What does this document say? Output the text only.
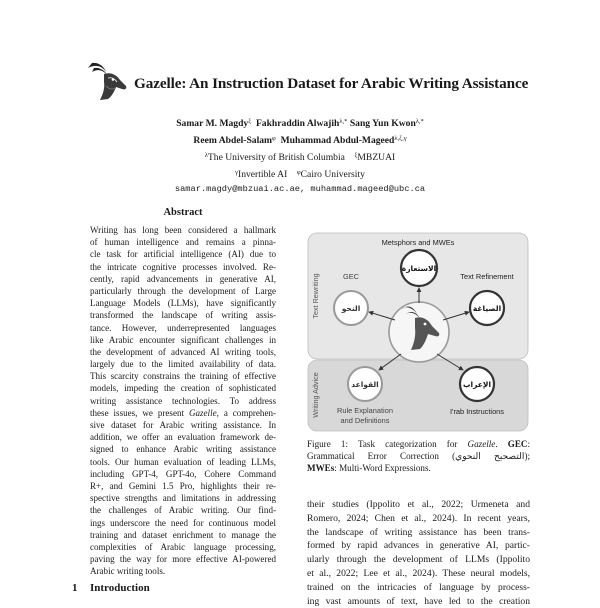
Gazelle: An Instruction Dataset for Arabic Writing Assistance
Samar M. Magdy$^\xi$ Fakhraddin Alwajih$^{\lambda,*}$ Sang Yun Kwon$^{\lambda,*}$
Reem Abdel-Salam$^\varphi$ Muhammad Abdul-Mageed$^{\lambda,\xi,\gamma}$
$^\lambda$The University of British Columbia $^\xi$MBZUAI
$^\gamma$Invertible AI $^\varphi$Cairo University
samar.magdy@mbzuai.ac.ae, muhammad.mageed@ubc.ca
Abstract
Writing has long been considered a hallmark
of human intelligence and remains a pinna-
cle task for artificial intelligence (AI) due to
the intricate cognitive processes involved. Re-
cently, rapid advancements in generative AI,
particularly through the development of Large
Language Models (LLMs), have significantly
transformed the landscape of writing assis-
tance. However, underrepresented languages
like Arabic encounter significant challenges in
the development of advanced AI writing tools,
largely due to the limited availability of data.
This scarcity constrains the training of effective
models, impeding the creation of sophisticated
writing assistance technologies. To address
these issues, we present Gazelle, a comprehen-
sive dataset for Arabic writing assistance. In
addition, we offer an evaluation framework de-
signed to enhance Arabic writing assistance
tools. Our human evaluation of leading LLMs,
including GPT-4, GPT-4o, Cohere Command
R+, and Gemini 1.5 Pro, highlights their re-
spective strengths and limitations in addressing
the challenges of Arabic writing. Our find-
ings underscore the need for continuous model
training and dataset enrichment to manage the
complexities of Arabic language processing,
paving the way for more effective AI-powered
Arabic writing tools.
1 Introduction
Text Rewriting
Writing Advice
Metsphors and MWEs
GEC	Text Refinement
Rule Explanation
and Definitions
I'rab Instructions
الاستعارة
النحو	الصياغة
القواعد	الإعراب
Figure 1: Task categorization for Gazelle. GEC:
Grammatical Error Correction (التصحيح النحوي);
MWEs: Multi-Word Expressions.
their studies (Ippolito et al., 2022; Urmeneta and
Romero, 2024; Chen et al., 2024). In recent years,
the landscape of writing assistance has been trans-
formed by rapid advances in generative AI, partic-
ularly through the development of LLMs (Ippolito
et al., 2022; Lee et al., 2024). These neural models,
trained on the intricacies of language by process-
ing vast amounts of text, have led to the creation
